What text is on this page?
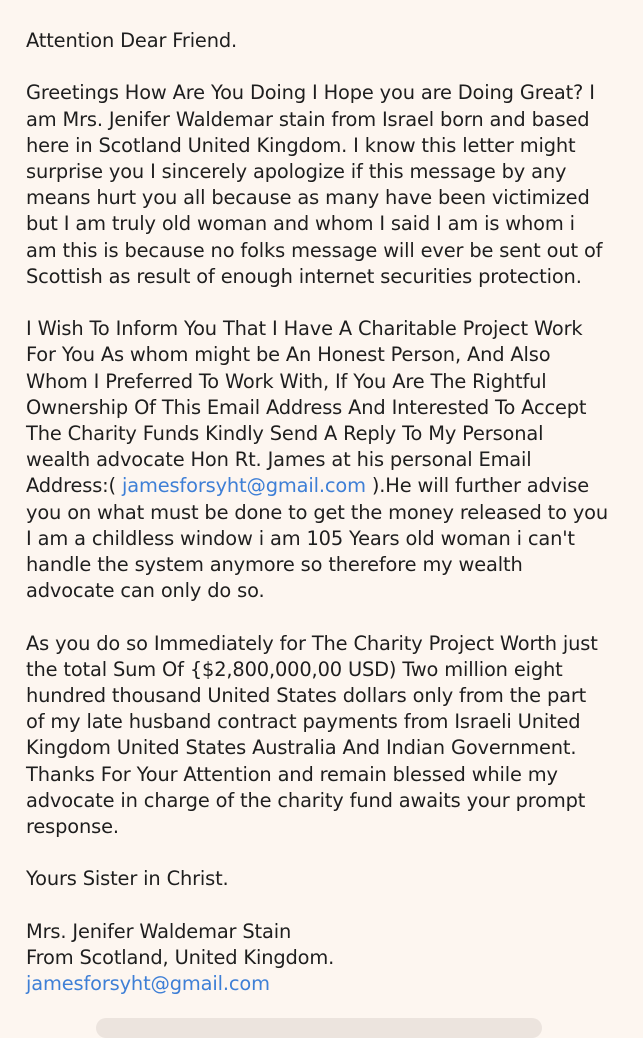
Attention Dear Friend.

Greetings How Are You Doing I Hope you are Doing Great? I
am Mrs. Jenifer Waldemar stain from Israel born and based
here in Scotland United Kingdom. I know this letter might
surprise you I sincerely apologize if this message by any
means hurt you all because as many have been victimized
but I am truly old woman and whom I said I am is whom i
am this is because no folks message will ever be sent out of
Scottish as result of enough internet securities protection.

I Wish To Inform You That I Have A Charitable Project Work
For You As whom might be An Honest Person, And Also
Whom I Preferred To Work With, If You Are The Rightful
Ownership Of This Email Address And Interested To Accept
The Charity Funds Kindly Send A Reply To My Personal
wealth advocate Hon Rt. James at his personal Email
Address:( jamesforsyht@gmail.com ).He will further advise
you on what must be done to get the money released to you
I am a childless window i am 105 Years old woman i can't
handle the system anymore so therefore my wealth
advocate can only do so.

As you do so Immediately for The Charity Project Worth just
the total Sum Of {$2,800,000,00 USD) Two million eight
hundred thousand United States dollars only from the part
of my late husband contract payments from Israeli United
Kingdom United States Australia And Indian Government.
Thanks For Your Attention and remain blessed while my
advocate in charge of the charity fund awaits your prompt
response.

Yours Sister in Christ.

Mrs. Jenifer Waldemar Stain
From Scotland, United Kingdom.
jamesforsyht@gmail.com
